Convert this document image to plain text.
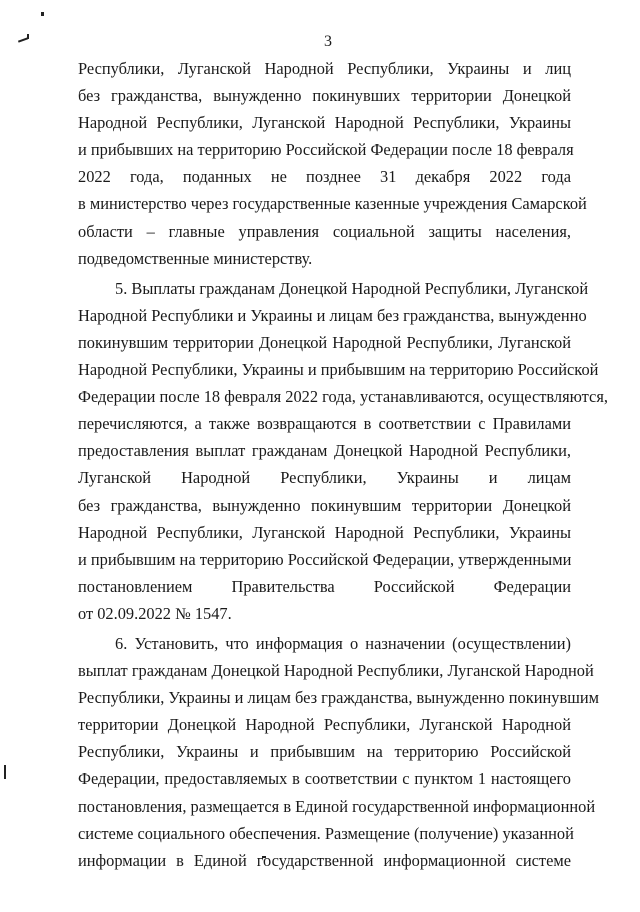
3
Республики, Луганской Народной Республики, Украины и лиц
без гражданства, вынужденно покинувших территории Донецкой
Народной Республики, Луганской Народной Республики, Украины
и прибывших на территорию Российской Федерации после 18 февраля
2022 года, поданных не позднее 31 декабря 2022 года
в министерство через государственные казенные учреждения Самарской
области – главные управления социальной защиты населения,
подведомственные министерству.
5. Выплаты гражданам Донецкой Народной Республики, Луганской
Народной Республики и Украины и лицам без гражданства, вынужденно
покинувшим территории Донецкой Народной Республики, Луганской
Народной Республики, Украины и прибывшим на территорию Российской
Федерации после 18 февраля 2022 года, устанавливаются, осуществляются,
перечисляются, а также возвращаются в соответствии с Правилами
предоставления выплат гражданам Донецкой Народной Республики,
Луганской Народной Республики, Украины и лицам
без гражданства, вынужденно покинувшим территории Донецкой
Народной Республики, Луганской Народной Республики, Украины
и прибывшим на территорию Российской Федерации, утвержденными
постановлением Правительства Российской Федерации
от 02.09.2022 № 1547.
6. Установить, что информация о назначении (осуществлении)
выплат гражданам Донецкой Народной Республики, Луганской Народной
Республики, Украины и лицам без гражданства, вынужденно покинувшим
территории Донецкой Народной Республики, Луганской Народной
Республики, Украины и прибывшим на территорию Российской
Федерации, предоставляемых в соответствии с пунктом 1 настоящего
постановления, размещается в Единой государственной информационной
системе социального обеспечения. Размещение (получение) указанной
информации в Единой государственной информационной системе
